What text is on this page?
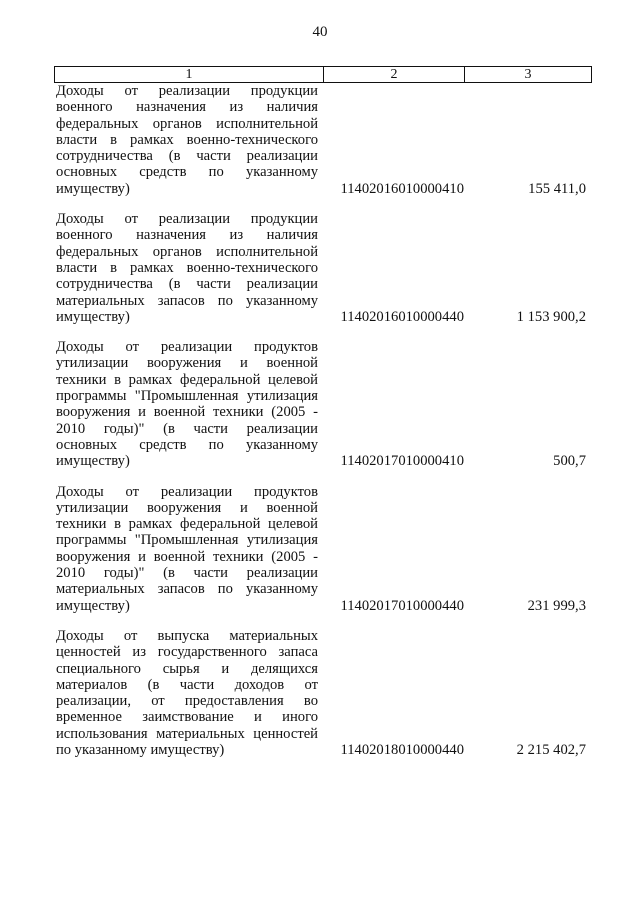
40
1	2	3
Доходы от реализации продукции военного назначения из наличия федеральных органов исполнительной власти в рамках военно-технического сотрудничества (в части реализации основных средств по указанному имуществу)	11402016010000410	155 411,0
Доходы от реализации продукции военного назначения из наличия федеральных органов исполнительной власти в рамках военно-технического сотрудничества (в части реализации материальных запасов по указанному имуществу)	11402016010000440	1 153 900,2
Доходы от реализации продуктов утилизации вооружения и военной техники в рамках федеральной целевой программы "Промышленная утилизация вооружения и военной техники (2005 - 2010 годы)" (в части реализации основных средств по указанному имуществу)	11402017010000410	500,7
Доходы от реализации продуктов утилизации вооружения и военной техники в рамках федеральной целевой программы "Промышленная утилизация вооружения и военной техники (2005 - 2010 годы)" (в части реализации материальных запасов по указанному имуществу)	11402017010000440	231 999,3
Доходы от выпуска материальных ценностей из государственного запаса специального сырья и делящихся материалов (в части доходов от реализации, от предоставления во временное заимствование и иного использования материальных ценностей по указанному имуществу)	11402018010000440	2 215 402,7
